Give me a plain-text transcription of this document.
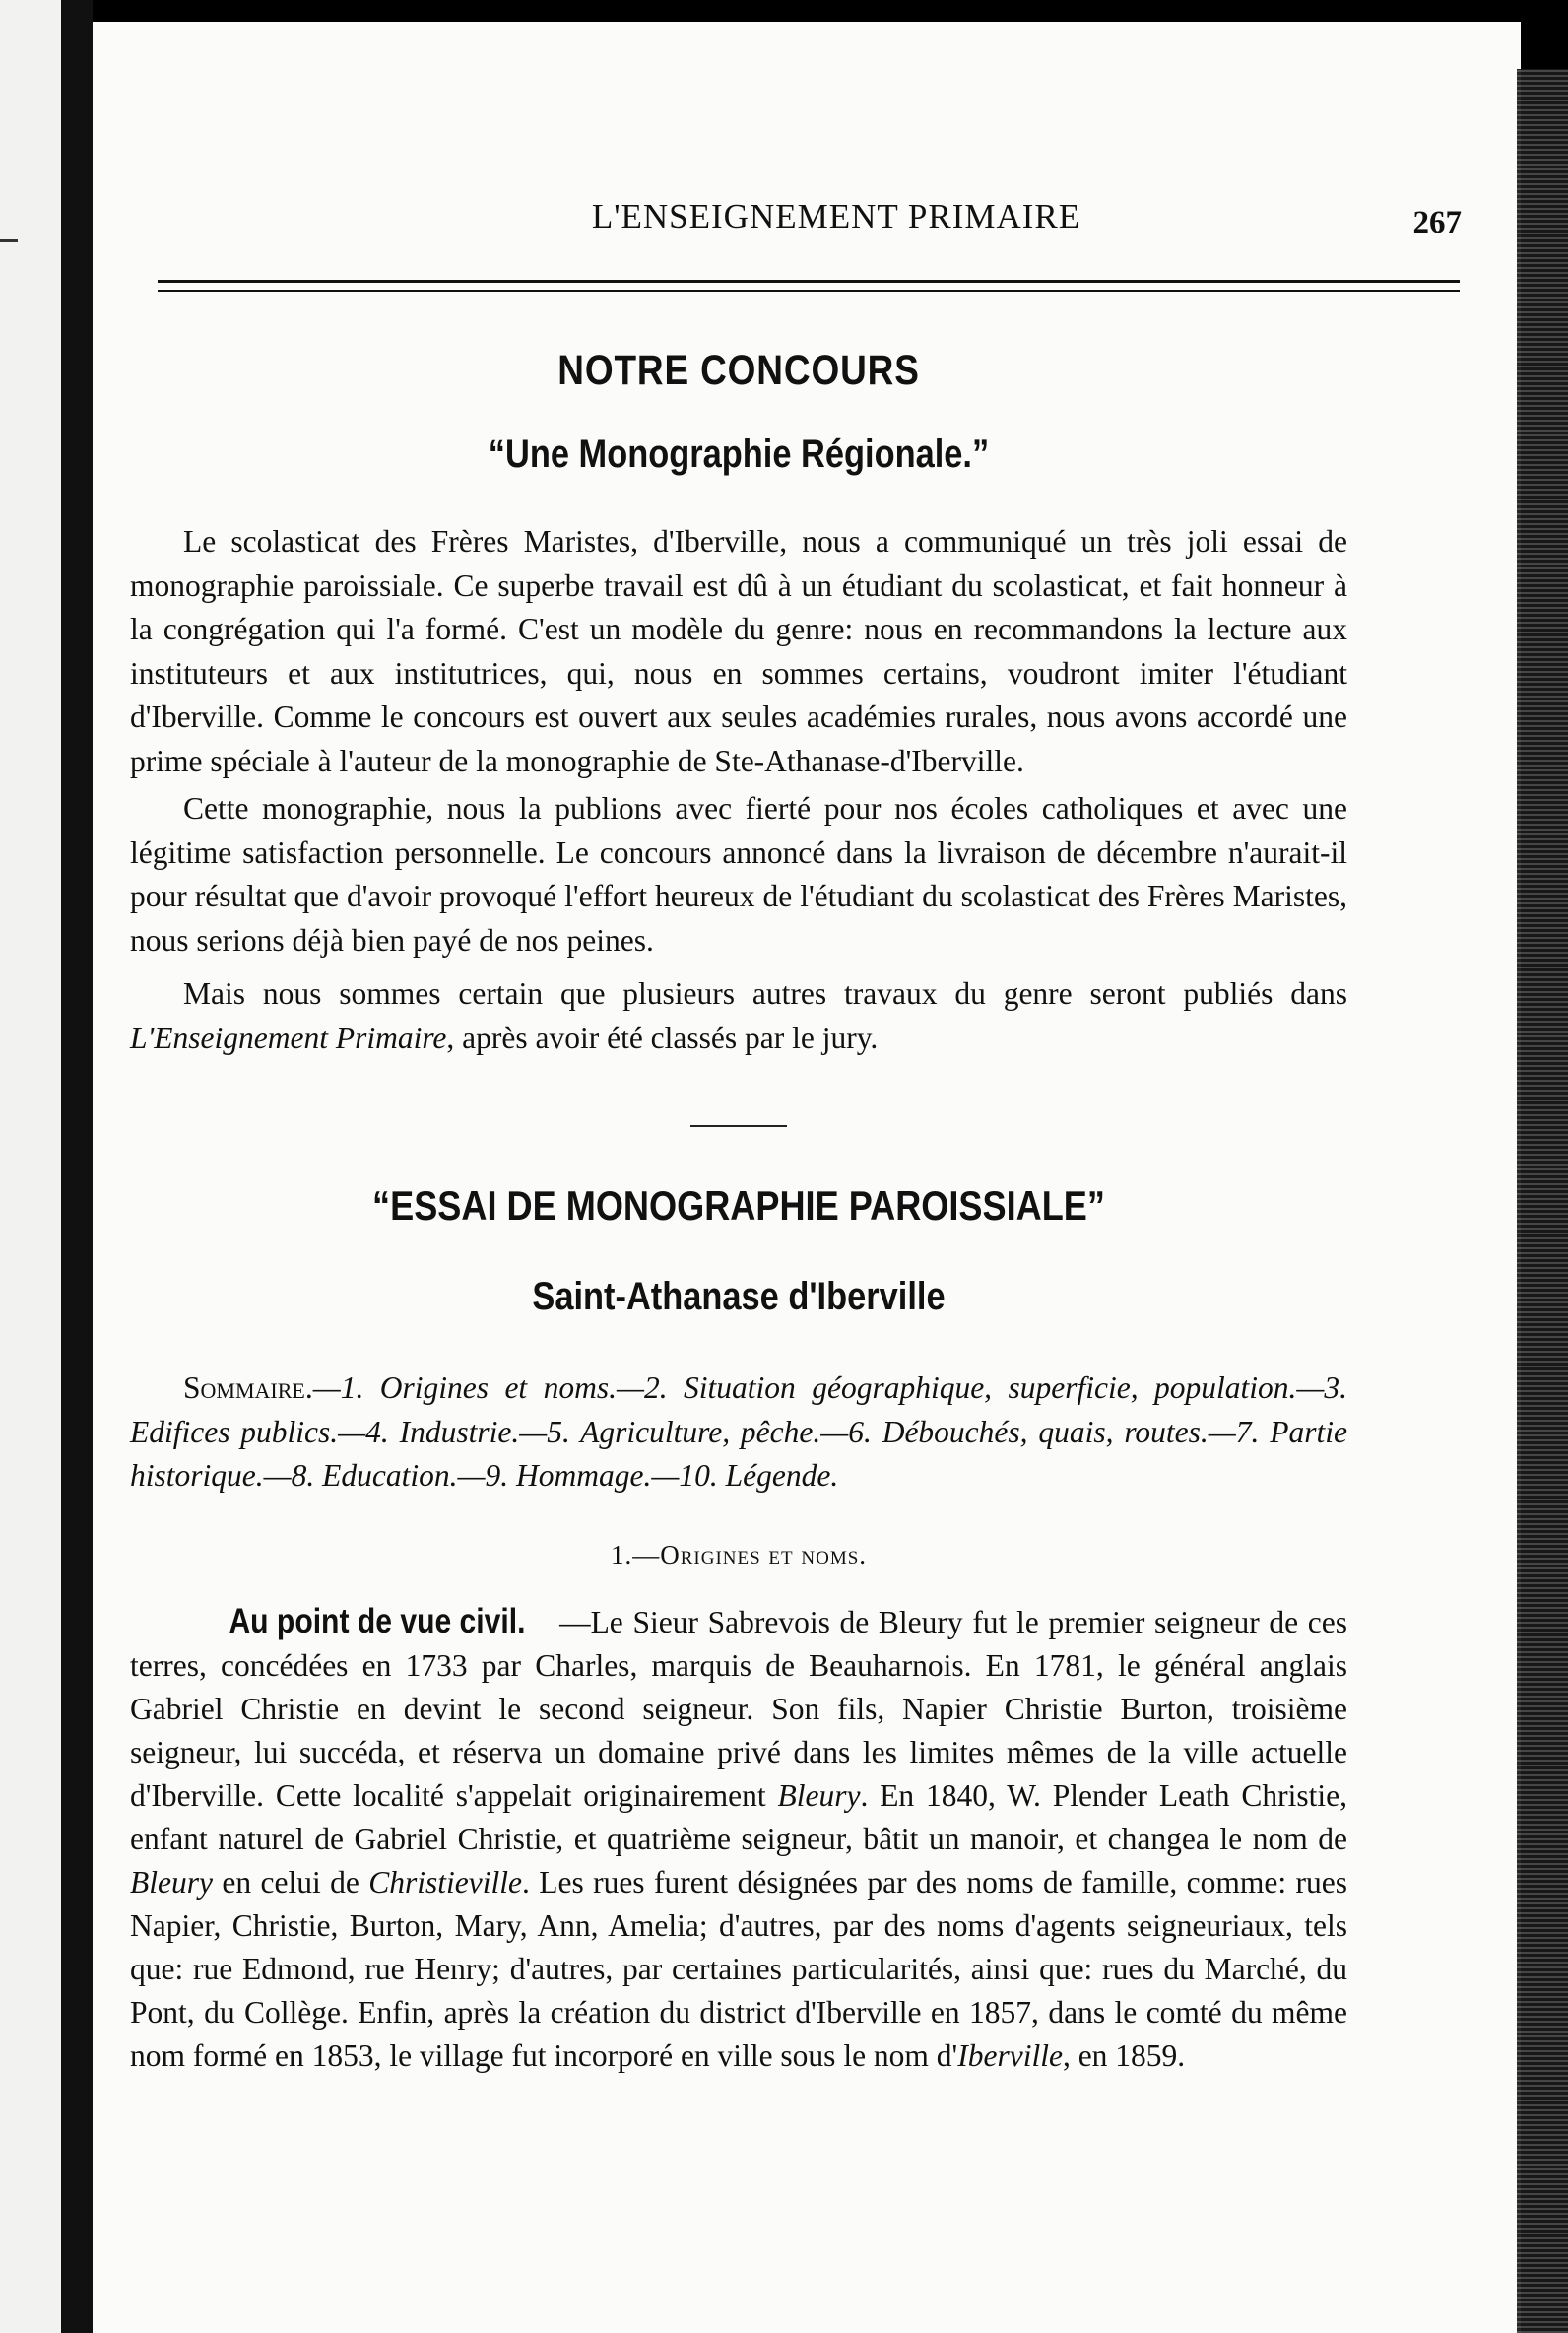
L'ENSEIGNEMENT PRIMAIRE	267
NOTRE CONCOURS
“Une Monographie Régionale.”

Le scolasticat des Frères Maristes, d'Iberville, nous a communiqué un très joli essai de monographie paroissiale. Ce superbe travail est dû à un étudiant du scolasticat, et fait honneur à la congrégation qui l'a formé. C'est un modèle du genre: nous en recommandons la lecture aux instituteurs et aux institutrices, qui, nous en sommes certains, voudront imiter l'étudiant d'Iberville. Comme le concours est ouvert aux seules académies rurales, nous avons accordé une prime spéciale à l'auteur de la monographie de Ste-Athanase-d'Iberville.

Cette monographie, nous la publions avec fierté pour nos écoles catholiques et avec une légitime satisfaction personnelle. Le concours annoncé dans la livraison de décembre n'aurait-il pour résultat que d'avoir provoqué l'effort heureux de l'étudiant du scolasticat des Frères Maristes, nous serions déjà bien payé de nos peines.

Mais nous sommes certain que plusieurs autres travaux du genre seront publiés dans L'Enseignement Primaire, après avoir été classés par le jury.

“ESSAI DE MONOGRAPHIE PAROISSIALE”
Saint-Athanase d'Iberville

Sommaire.—1. Origines et noms.—2. Situation géographique, superficie, population.—3. Edifices publics.—4. Industrie.—5. Agriculture, pêche.—6. Débouchés, quais, routes.—7. Partie historique.—8. Education.—9. Hommage.—10. Légende.

1.—Origines et noms.

Au point de vue civil. —Le Sieur Sabrevois de Bleury fut le premier seigneur de ces terres, concédées en 1733 par Charles, marquis de Beauharnois. En 1781, le général anglais Gabriel Christie en devint le second seigneur. Son fils, Napier Christie Burton, troisième seigneur, lui succéda, et réserva un domaine privé dans les limites mêmes de la ville actuelle d'Iberville. Cette localité s'appelait originairement Bleury. En 1840, W. Plender Leath Christie, enfant naturel de Gabriel Christie, et quatrième seigneur, bâtit un manoir, et changea le nom de Bleury en celui de Christieville. Les rues furent désignées par des noms de famille, comme: rues Napier, Christie, Burton, Mary, Ann, Amelia; d'autres, par des noms d'agents seigneuriaux, tels que: rue Edmond, rue Henry; d'autres, par certaines particularités, ainsi que: rues du Marché, du Pont, du Collège. Enfin, après la création du district d'Iberville en 1857, dans le comté du même nom formé en 1853, le village fut incorporé en ville sous le nom d'Iberville, en 1859.
